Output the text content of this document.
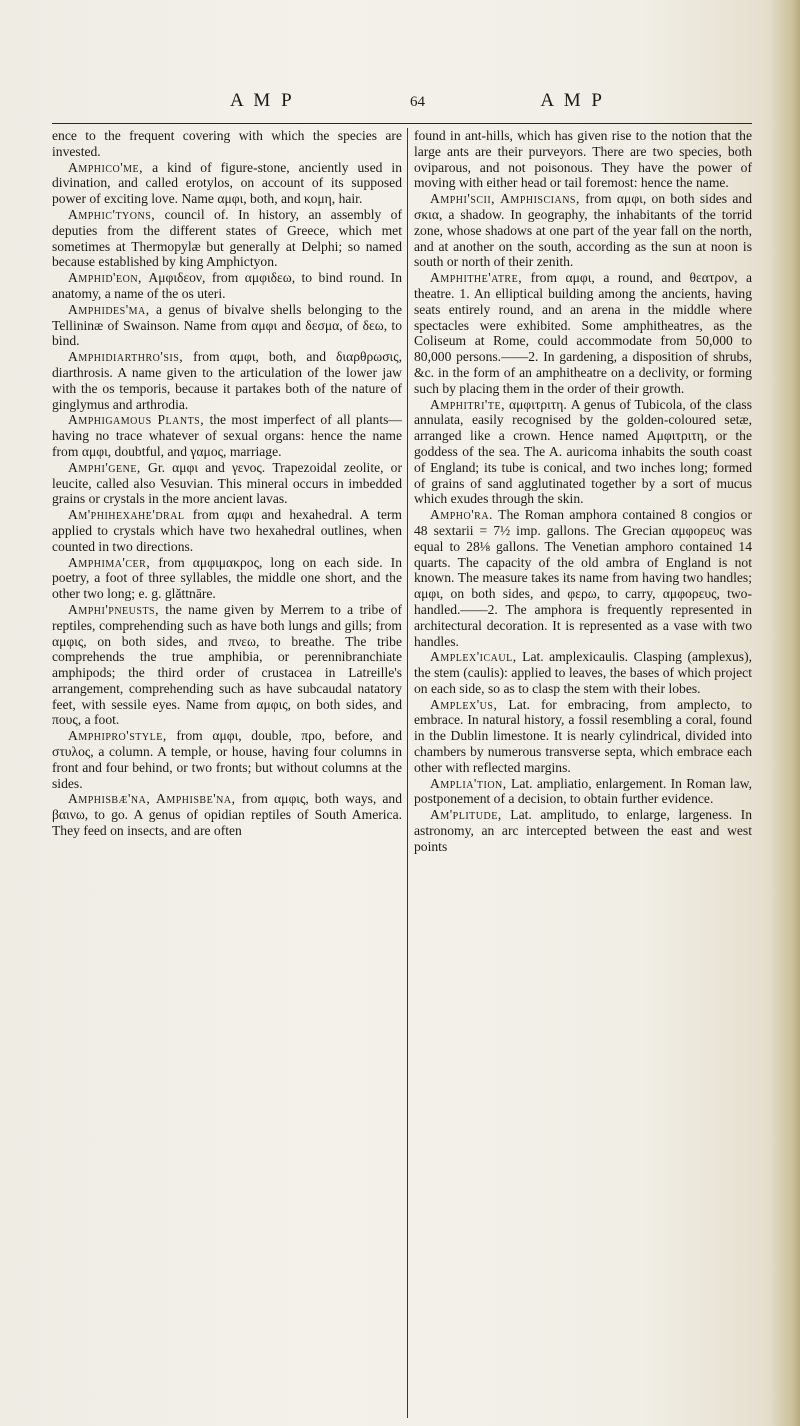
A M P	64	A M P

ence to the frequent covering with which the species are invested.

Amphico'me, a kind of figure-stone, anciently used in divination, and called erotylos, on account of its supposed power of exciting love. Name αμφι, both, and κομη, hair.

Amphic'tyons, council of. In history, an assembly of deputies from the different states of Greece, which met sometimes at Thermopylæ but generally at Delphi; so named because established by king Amphictyon.

Amphid'eon, Αμφιδεον, from αμφιδεω, to bind round. In anatomy, a name of the os uteri.

Amphides'ma, a genus of bivalve shells belonging to the Tellininæ of Swainson. Name from αμφι and δεσμα, of δεω, to bind.

Amphidiarthro'sis, from αμφι, both, and διαρθρωσις, diarthrosis. A name given to the articulation of the lower jaw with the os temporis, because it partakes both of the nature of ginglymus and arthrodia.

Amphigamous Plants, the most imperfect of all plants—having no trace whatever of sexual organs: hence the name from αμφι, doubtful, and γαμος, marriage.

Amphi'gene, Gr. αμφι and γενος. Trapezoidal zeolite, or leucite, called also Vesuvian. This mineral occurs in imbedded grains or crystals in the more ancient lavas.

Am'phihexahe'dral from αμφι and hexahedral. A term applied to crystals which have two hexahedral outlines, when counted in two directions.

Amphima'cer, from αμφιμακρος, long on each side. In poetry, a foot of three syllables, the middle one short, and the other two long; e. g. glăttnāre.

Amphi'pneusts, the name given by Merrem to a tribe of reptiles, comprehending such as have both lungs and gills; from αμφις, on both sides, and πνεω, to breathe. The tribe comprehends the true amphibia, or perennibranchiate amphipods; the third order of crustacea in Latreille's arrangement, comprehending such as have subcaudal natatory feet, with sessile eyes. Name from αμφις, on both sides, and πους, a foot.

Amphipro'style, from αμφι, double, προ, before, and στυλος, a column. A temple, or house, having four columns in front and four behind, or two fronts; but without columns at the sides.

Amphisbæ'na, Amphisbe'na, from αμφις, both ways, and βαινω, to go. A genus of opidian reptiles of South America. They feed on insects, and are often

found in ant-hills, which has given rise to the notion that the large ants are their purveyors. There are two species, both oviparous, and not poisonous. They have the power of moving with either head or tail foremost: hence the name.

Amphi'scii, Amphiscians, from αμφι, on both sides and σκια, a shadow. In geography, the inhabitants of the torrid zone, whose shadows at one part of the year fall on the north, and at another on the south, according as the sun at noon is south or north of their zenith.

Amphithe'atre, from αμφι, a round, and θεατρον, a theatre. 1. An elliptical building among the ancients, having seats entirely round, and an arena in the middle where spectacles were exhibited. Some amphitheatres, as the Coliseum at Rome, could accommodate from 50,000 to 80,000 persons.——2. In gardening, a disposition of shrubs, &c. in the form of an amphitheatre on a declivity, or forming such by placing them in the order of their growth.

Amphitri'te, αμφιτριτη. A genus of Tubicola, of the class annulata, easily recognised by the golden-coloured setæ, arranged like a crown. Hence named Αμφιτριτη, or the goddess of the sea. The A. auricoma inhabits the south coast of England; its tube is conical, and two inches long; formed of grains of sand agglutinated together by a sort of mucus which exudes through the skin.

Ampho'ra. The Roman amphora contained 8 congios or 48 sextarii = 7½ imp. gallons. The Grecian αμφορευς was equal to 28⅛ gallons. The Venetian amphoro contained 14 quarts. The capacity of the old ambra of England is not known. The measure takes its name from having two handles; αμφι, on both sides, and φερω, to carry, αμφορευς, two-handled.——2. The amphora is frequently represented in architectural decoration. It is represented as a vase with two handles.

Amplex'icaul, Lat. amplexicaulis. Clasping (amplexus), the stem (caulis): applied to leaves, the bases of which project on each side, so as to clasp the stem with their lobes.

Amplex'us, Lat. for embracing, from amplecto, to embrace. In natural history, a fossil resembling a coral, found in the Dublin limestone. It is nearly cylindrical, divided into chambers by numerous transverse septa, which embrace each other with reflected margins.

Amplia'tion, Lat. ampliatio, enlargement. In Roman law, postponement of a decision, to obtain further evidence.

Am'plitude, Lat. amplitudo, to enlarge, largeness. In astronomy, an arc intercepted between the east and west points
